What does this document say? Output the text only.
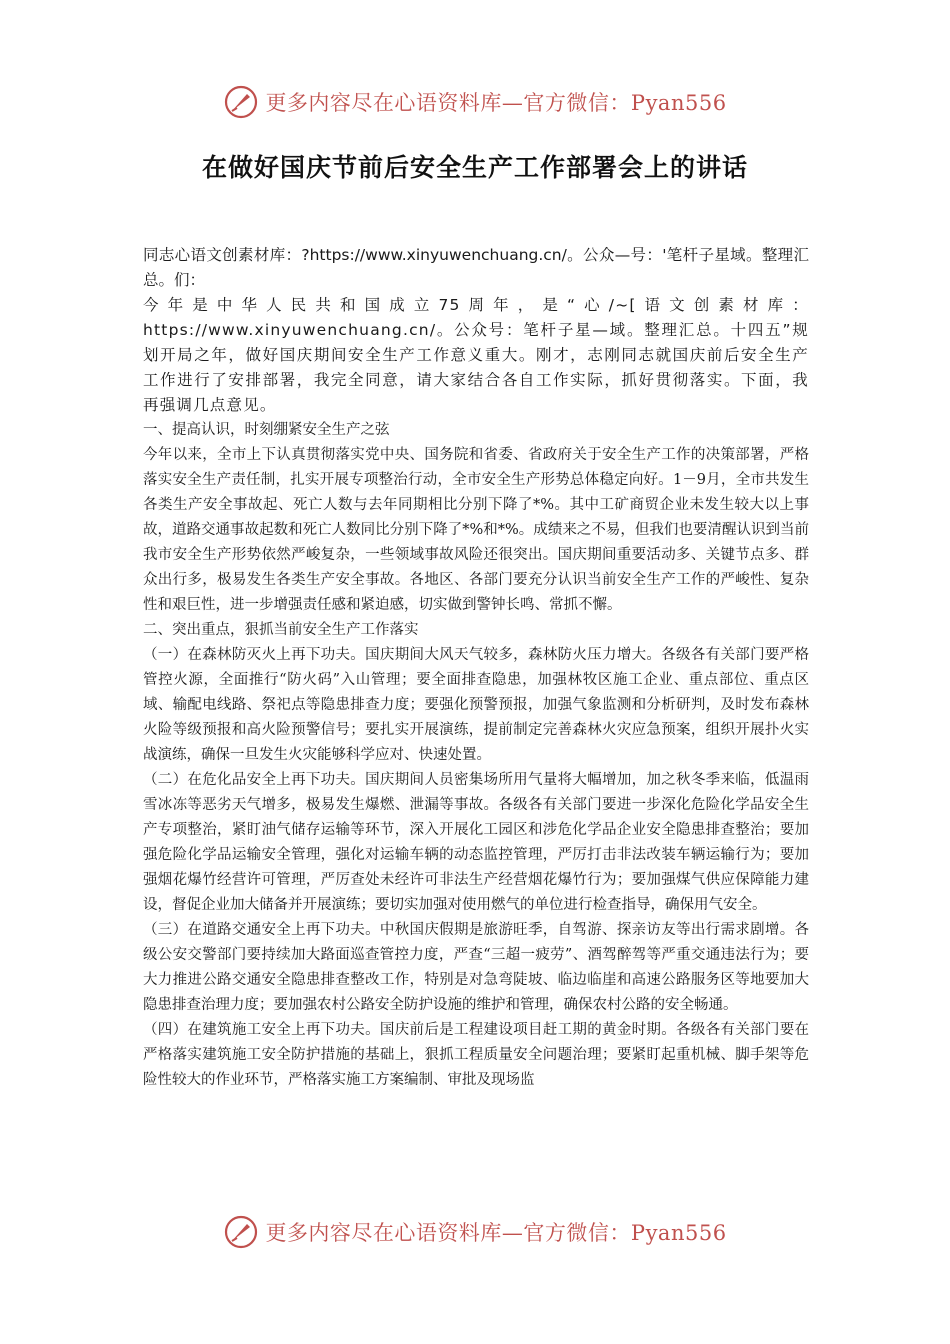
更多内容尽在心语资料库—官方微信：Pyan556
在做好国庆节前后安全生产工作部署会上的讲话

同志心语文创素材库：?https://www.xinyuwenchuang.cn/。公众—号：'笔杆子星域。整理汇总。们：

今年是中华人民共和国成立75周年，是“心/~[语文创素材库：https://www.xinyuwenchuang.cn/。公众号：笔杆子星—域。整理汇总。十四五”规划开局之年，做好国庆期间安全生产工作意义重大。刚才，志刚同志就国庆前后安全生产工作进行了安排部署，我完全同意，请大家结合各自工作实际，抓好贯彻落实。下面，我再强调几点意见。

一、提高认识，时刻绷紧安全生产之弦

今年以来，全市上下认真贯彻落实党中央、国务院和省委、省政府关于安全生产工作的决策部署，严格落实安全生产责任制，扎实开展专项整治行动，全市安全生产形势总体稳定向好。1－9月，全市共发生各类生产安全事故起、死亡人数与去年同期相比分别下降了*%。其中工矿商贸企业未发生较大以上事故，道路交通事故起数和死亡人数同比分别下降了*%和*%。成绩来之不易，但我们也要清醒认识到当前我市安全生产形势依然严峻复杂，一些领域事故风险还很突出。国庆期间重要活动多、关键节点多、群众出行多，极易发生各类生产安全事故。各地区、各部门要充分认识当前安全生产工作的严峻性、复杂性和艰巨性，进一步增强责任感和紧迫感，切实做到警钟长鸣、常抓不懈。

二、突出重点，狠抓当前安全生产工作落实

（一）在森林防灭火上再下功夫。国庆期间大风天气较多，森林防火压力增大。各级各有关部门要严格管控火源，全面推行“防火码”入山管理；要全面排查隐患，加强林牧区施工企业、重点部位、重点区域、输配电线路、祭祀点等隐患排查力度；要强化预警预报，加强气象监测和分析研判，及时发布森林火险等级预报和高火险预警信号；要扎实开展演练，提前制定完善森林火灾应急预案，组织开展扑火实战演练，确保一旦发生火灾能够科学应对、快速处置。

（二）在危化品安全上再下功夫。国庆期间人员密集场所用气量将大幅增加，加之秋冬季来临，低温雨雪冰冻等恶劣天气增多，极易发生爆燃、泄漏等事故。各级各有关部门要进一步深化危险化学品安全生产专项整治，紧盯油气储存运输等环节，深入开展化工园区和涉危化学品企业安全隐患排查整治；要加强危险化学品运输安全管理，强化对运输车辆的动态监控管理，严厉打击非法改装车辆运输行为；要加强烟花爆竹经营许可管理，严厉查处未经许可非法生产经营烟花爆竹行为；要加强煤气供应保障能力建设，督促企业加大储备并开展演练；要切实加强对使用燃气的单位进行检查指导，确保用气安全。

（三）在道路交通安全上再下功夫。中秋国庆假期是旅游旺季，自驾游、探亲访友等出行需求剧增。各级公安交警部门要持续加大路面巡查管控力度，严查“三超一疲劳”、酒驾醉驾等严重交通违法行为；要大力推进公路交通安全隐患排查整改工作，特别是对急弯陡坡、临边临崖和高速公路服务区等地要加大隐患排查治理力度；要加强农村公路安全防护设施的维护和管理，确保农村公路的安全畅通。

（四）在建筑施工安全上再下功夫。国庆前后是工程建设项目赶工期的黄金时期。各级各有关部门要在严格落实建筑施工安全防护措施的基础上，狠抓工程质量安全问题治理；要紧盯起重机械、脚手架等危险性较大的作业环节，严格落实施工方案编制、审批及现场监

更多内容尽在心语资料库—官方微信：Pyan556
